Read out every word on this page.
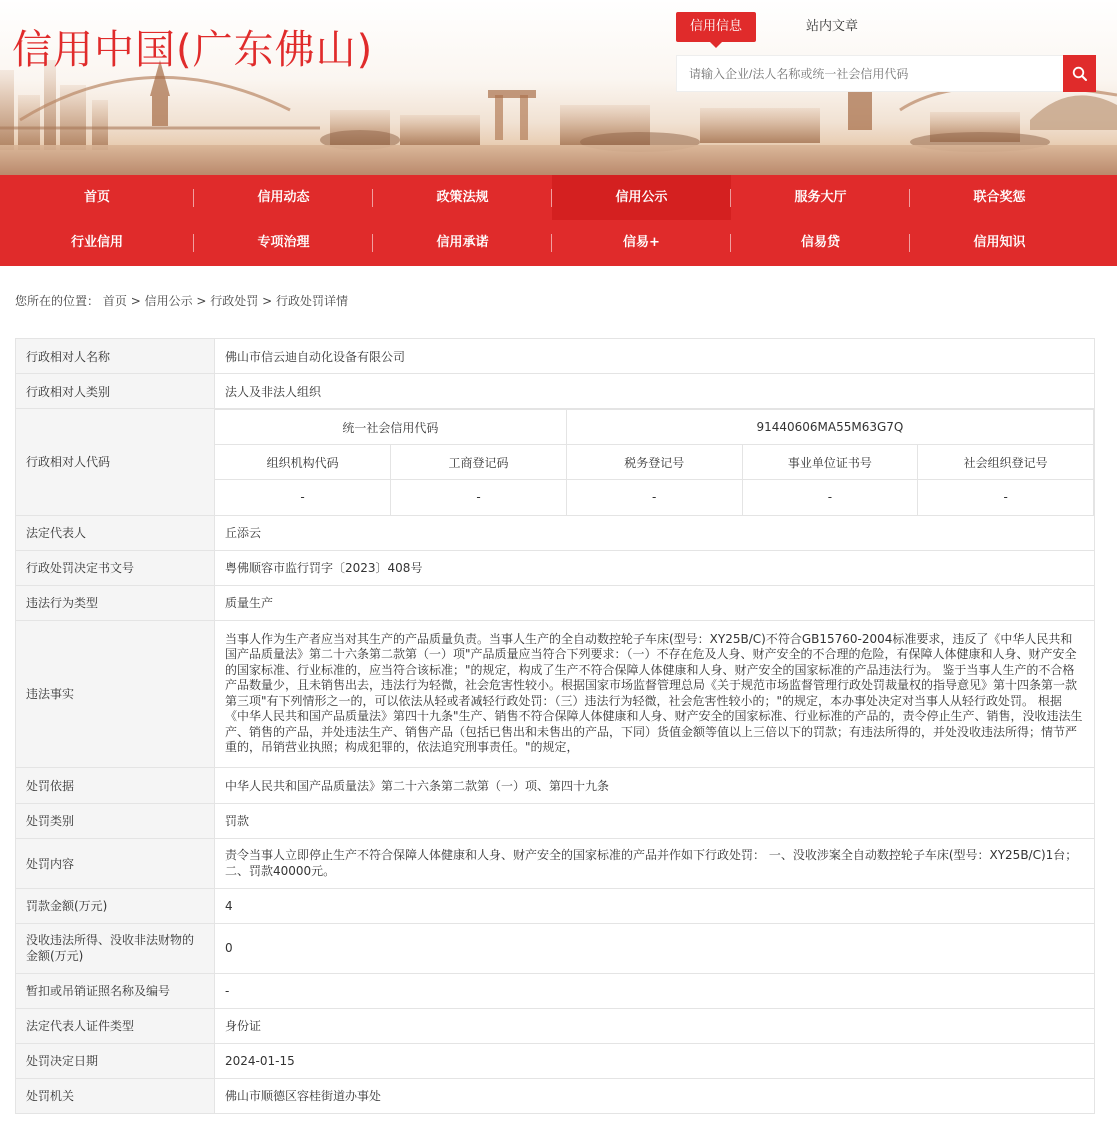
信用中国(广东佛山)
信用信息	站内文章
请输入企业/法人名称或统一社会信用代码
首页	信用动态	政策法规	信用公示	服务大厅	联合奖惩
行业信用	专项治理	信用承诺	信易+	信易贷	信用知识
您所在的位置： 首页 > 信用公示 > 行政处罚 > 行政处罚详情
行政相对人名称	佛山市信云迪自动化设备有限公司
行政相对人类别	法人及非法人组织
行政相对人代码	
统一社会信用代码	91440606MA55M63G7Q
组织机构代码	工商登记码	税务登记号	事业单位证书号	社会组织登记号
-	-	-	-	-

法定代表人	丘添云
行政处罚决定书文号	粤佛顺容市监行罚字〔2023〕408号
违法行为类型	质量生产
违法事实	当事人作为生产者应当对其生产的产品质量负责。当事人生产的全自动数控轮子车床(型号：XY25B/C)不符合GB15760-2004标准要求，违反了《中华人民共和国产品质量法》第二十六条第二款第（一）项"产品质量应当符合下列要求：（一）不存在危及人身、财产安全的不合理的危险，有保障人体健康和人身、财产安全的国家标准、行业标准的，应当符合该标准；"的规定，构成了生产不符合保障人体健康和人身、财产安全的国家标准的产品违法行为。 鉴于当事人生产的不合格产品数量少，且未销售出去，违法行为轻微，社会危害性较小。根据国家市场监督管理总局《关于规范市场监督管理行政处罚裁量权的指导意见》第十四条第一款第三项"有下列情形之一的，可以依法从轻或者减轻行政处罚：（三）违法行为轻微，社会危害性较小的；"的规定，本办事处决定对当事人从轻行政处罚。 根据《中华人民共和国产品质量法》第四十九条"生产、销售不符合保障人体健康和人身、财产安全的国家标准、行业标准的产品的，责令停止生产、销售，没收违法生产、销售的产品，并处违法生产、销售产品（包括已售出和未售出的产品，下同）货值金额等值以上三倍以下的罚款；有违法所得的，并处没收违法所得；情节严重的，吊销营业执照；构成犯罪的，依法追究刑事责任。"的规定，
处罚依据	中华人民共和国产品质量法》第二十六条第二款第（一）项、第四十九条
处罚类别	罚款
处罚内容	责令当事人立即停止生产不符合保障人体健康和人身、财产安全的国家标准的产品并作如下行政处罚： 一、没收涉案全自动数控轮子车床(型号：XY25B/C)1台； 二、罚款40000元。
罚款金额(万元)	4
没收违法所得、没收非法财物的金额(万元)	0
暂扣或吊销证照名称及编号	-
法定代表人证件类型	身份证
处罚决定日期	2024-01-15
处罚机关	佛山市顺德区容桂街道办事处
